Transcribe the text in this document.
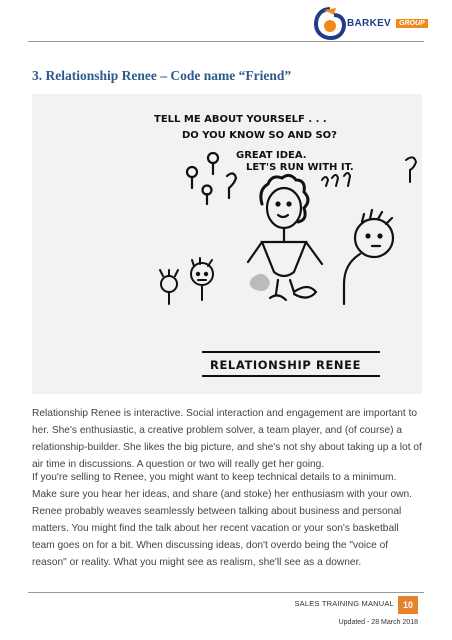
BARKEV	GROUP
3. Relationship Renee – Code name “Friend”
TELL ME ABOUT YOURSELF . . .
DO YOU KNOW SO AND SO?
GREAT IDEA.
LET'S RUN WITH IT.
RELATIONSHIP RENEE

Relationship Renee is interactive. Social interaction and engagement are important to her. She's enthusiastic, a creative problem solver, a team player, and (of course) a relationship-builder. She likes the big picture, and she's not shy about taking up a lot of air time in discussions. A question or two will really get her going.

If you're selling to Renee, you might want to keep technical details to a minimum. Make sure you hear her ideas, and share (and stoke) her enthusiasm with your own. Renee probably weaves seamlessly between talking about business and personal matters. You might find the talk about her recent vacation or your son's basketball team goes on for a bit. When discussing ideas, don't overdo being the "voice of reason" or reality. What you might see as realism, she'll see as a downer.

SALES TRAINING MANUAL 10
Updated - 28 March 2018
